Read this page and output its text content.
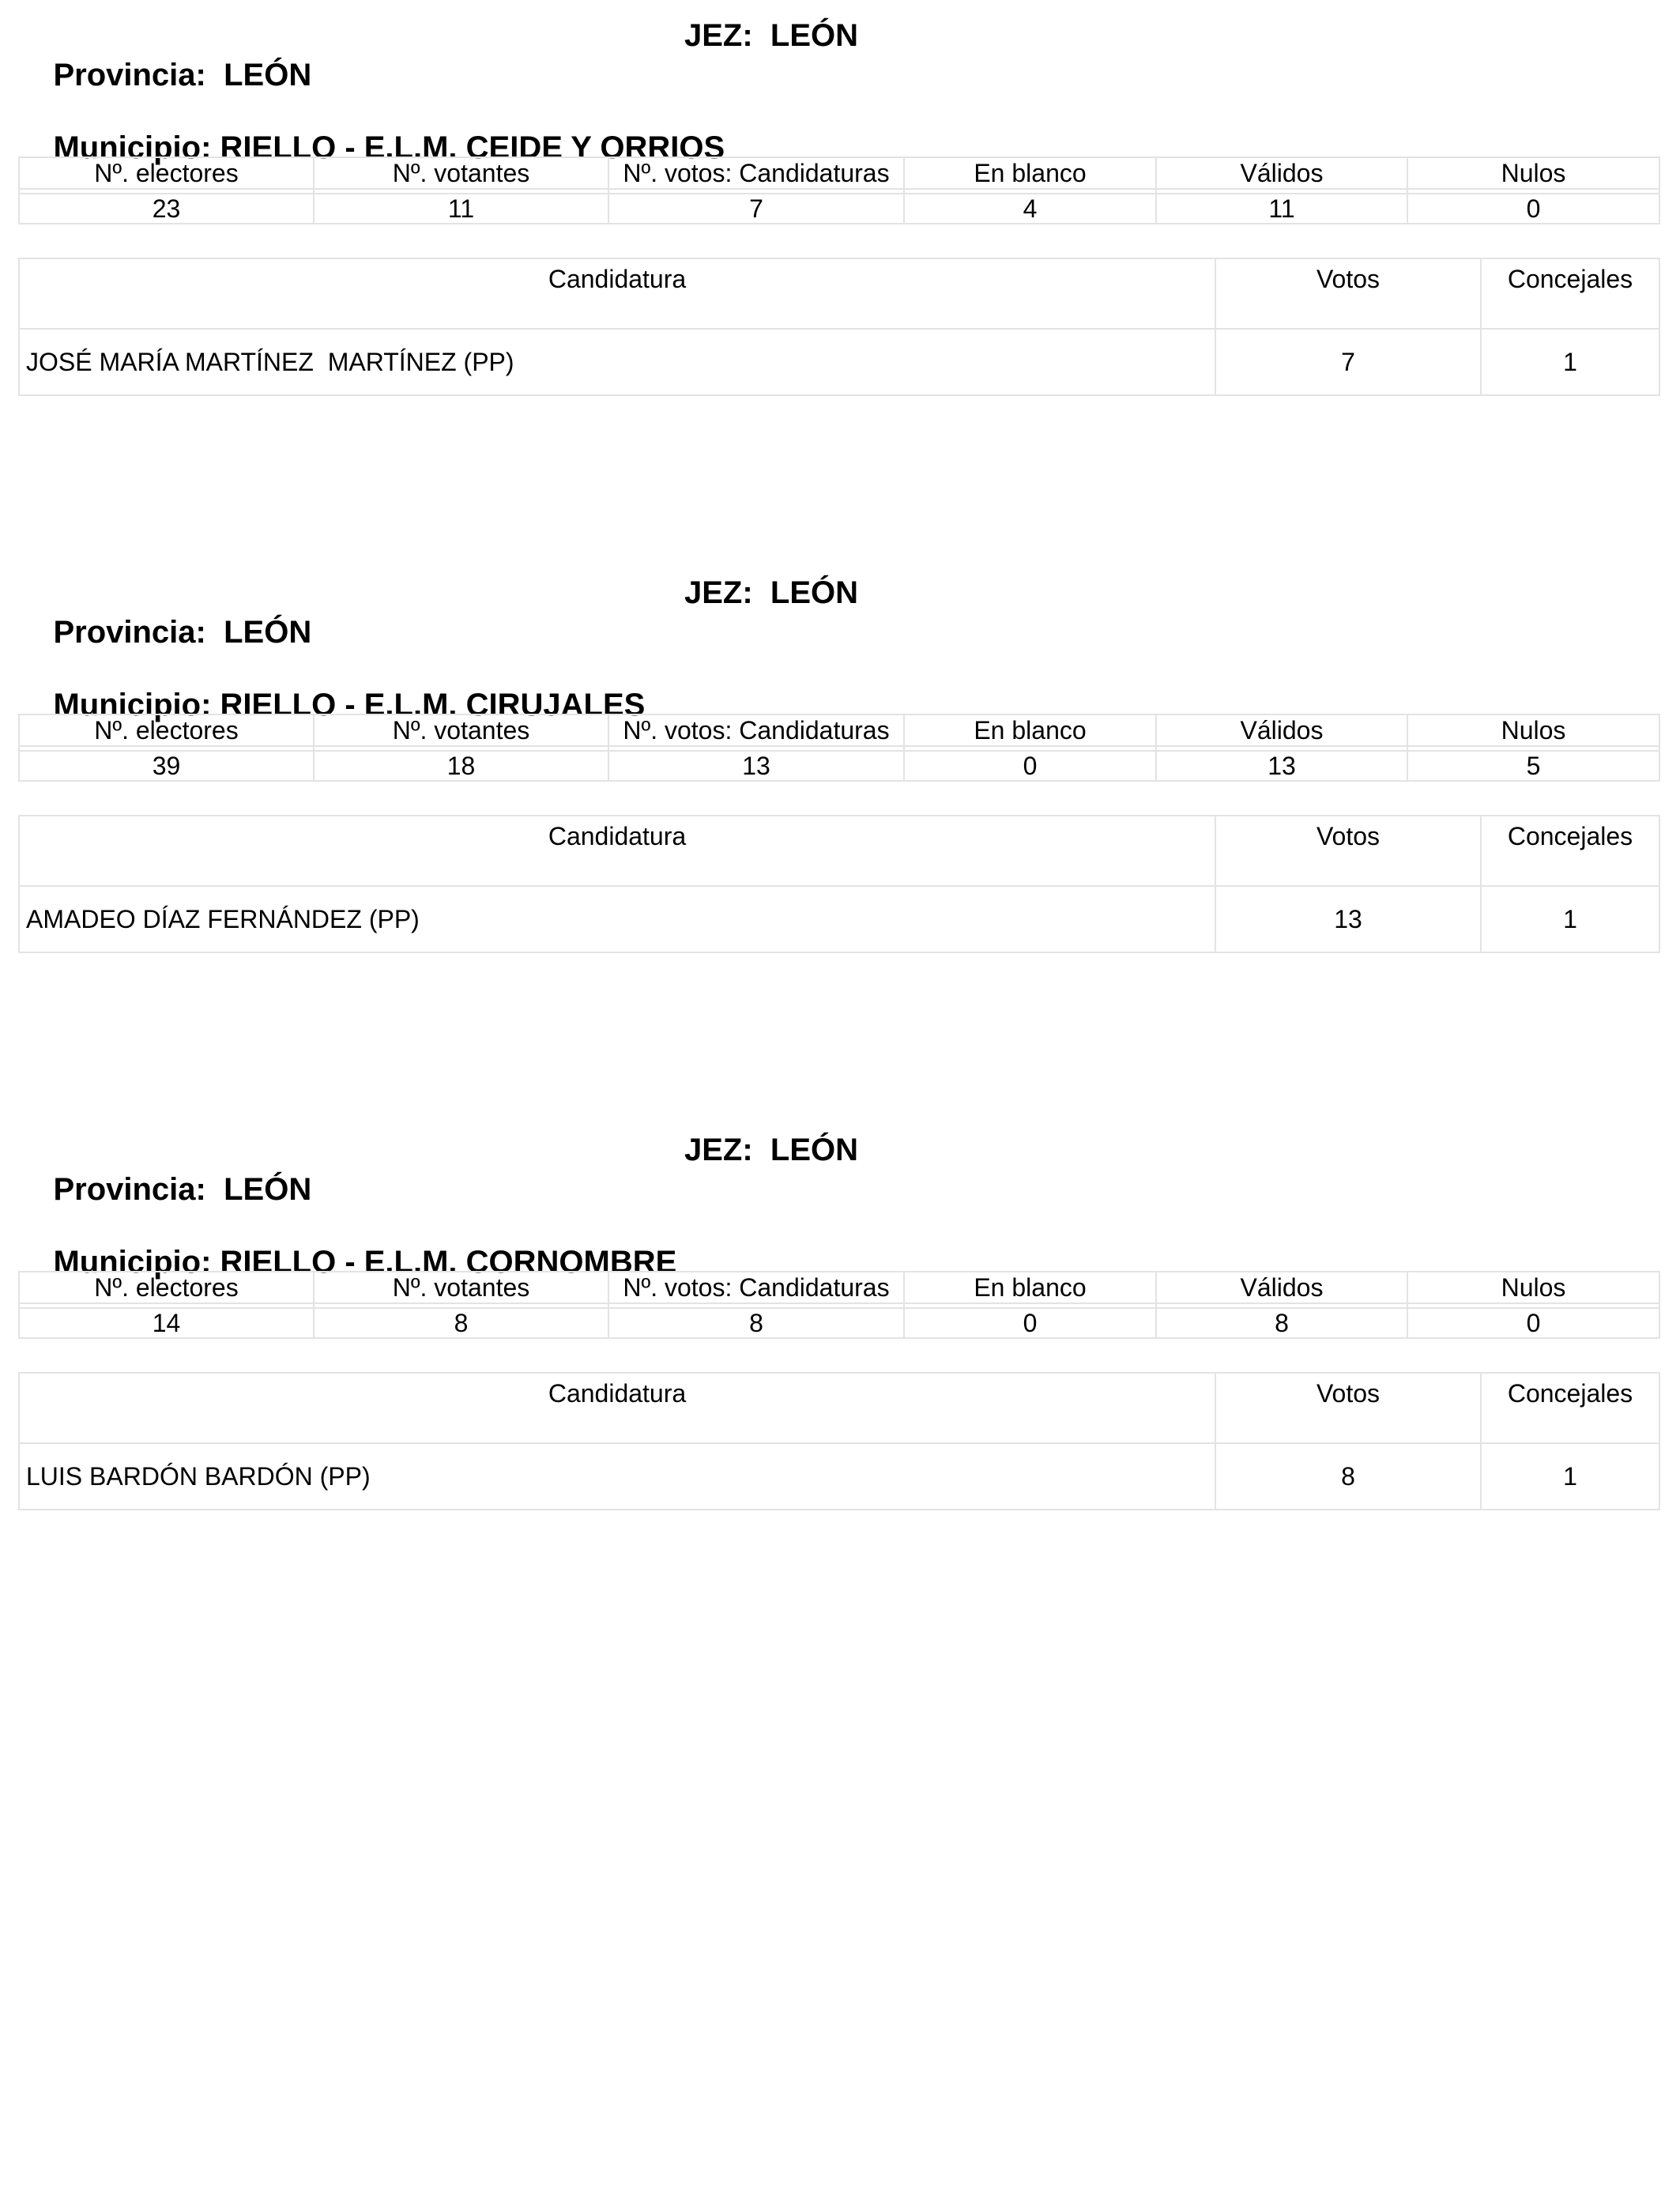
Provincia: LEÓN

JEZ: LEÓN

Municipio: RIELLO - E.L.M. CEIDE Y ORRIOS

Nº. electores	Nº. votantes	Nº. votos: Candidaturas	En blanco	Válidos	Nulos

23	11	7	4	11	0
Candidatura	Votos	Concejales
JOSÉ MARÍA MARTÍNEZ  MARTÍNEZ (PP)	7	1

Provincia: LEÓN

JEZ: LEÓN

Municipio: RIELLO - E.L.M. CIRUJALES

Nº. electores	Nº. votantes	Nº. votos: Candidaturas	En blanco	Válidos	Nulos

39	18	13	0	13	5
Candidatura	Votos	Concejales
AMADEO DÍAZ FERNÁNDEZ (PP)	13	1

Provincia: LEÓN

JEZ: LEÓN

Municipio: RIELLO - E.L.M. CORNOMBRE

Nº. electores	Nº. votantes	Nº. votos: Candidaturas	En blanco	Válidos	Nulos

14	8	8	0	8	0
Candidatura	Votos	Concejales
LUIS BARDÓN BARDÓN (PP)	8	1
